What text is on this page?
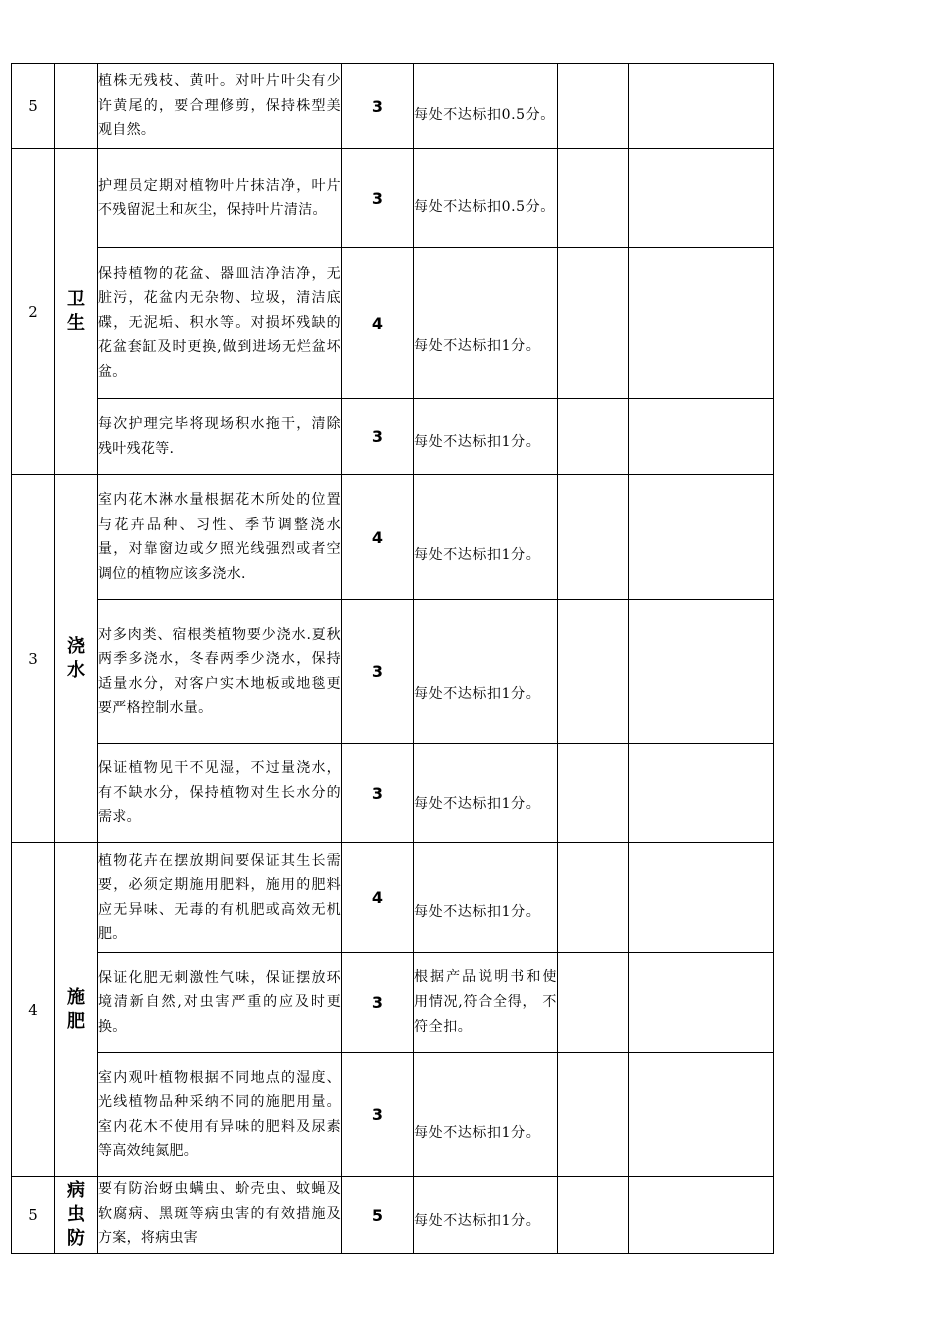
5		植株无残枝、黄叶。对叶片叶尖有少许黄尾的，要合理修剪，保持株型美观自然。	3	每处不达标扣0.5分。		

2	卫生	护理员定期对植物叶片抹洁净，叶片不残留泥土和灰尘，保持叶片清洁。	3	每处不达标扣0.5分。		

		保持植物的花盆、器皿洁净洁净，无脏污，花盆内无杂物、垃圾，清洁底碟，无泥垢、积水等。对损坏残缺的花盆套缸及时更换,做到进场无烂盆坏盆。	4	每处不达标扣1分。		

		每次护理完毕将现场积水拖干，清除残叶残花等.	3	每处不达标扣1分。		

3	浇水	室内花木淋水量根据花木所处的位置与花卉品种、习性、季节调整浇水量，对靠窗边或夕照光线强烈或者空调位的植物应该多浇水.	4	每处不达标扣1分。		

		对多肉类、宿根类植物要少浇水.夏秋两季多浇水，冬春两季少浇水，保持适量水分，对客户实木地板或地毯更要严格控制水量。	3	每处不达标扣1分。		

		保证植物见干不见湿，不过量浇水，有不缺水分，保持植物对生长水分的需求。	3	每处不达标扣1分。		

4	施肥	植物花卉在摆放期间要保证其生长需要，必须定期施用肥料，施用的肥料应无异味、无毒的有机肥或高效无机肥。	4	每处不达标扣1分。		

		保证化肥无刺激性气味，保证摆放环境清新自然,对虫害严重的应及时更换。	3	根据产品说明书和使用情况,符合全得， 不符全扣。		

		室内观叶植物根据不同地点的湿度、光线植物品种采纳不同的施肥用量。室内花木不使用有异味的肥料及尿素等高效纯氮肥。	3	每处不达标扣1分。		

5	病虫防	要有防治蚜虫螨虫、蚧壳虫、蚊蝇及软腐病、黑斑等病虫害的有效措施及方案，将病虫害	5	每处不达标扣1分。		
